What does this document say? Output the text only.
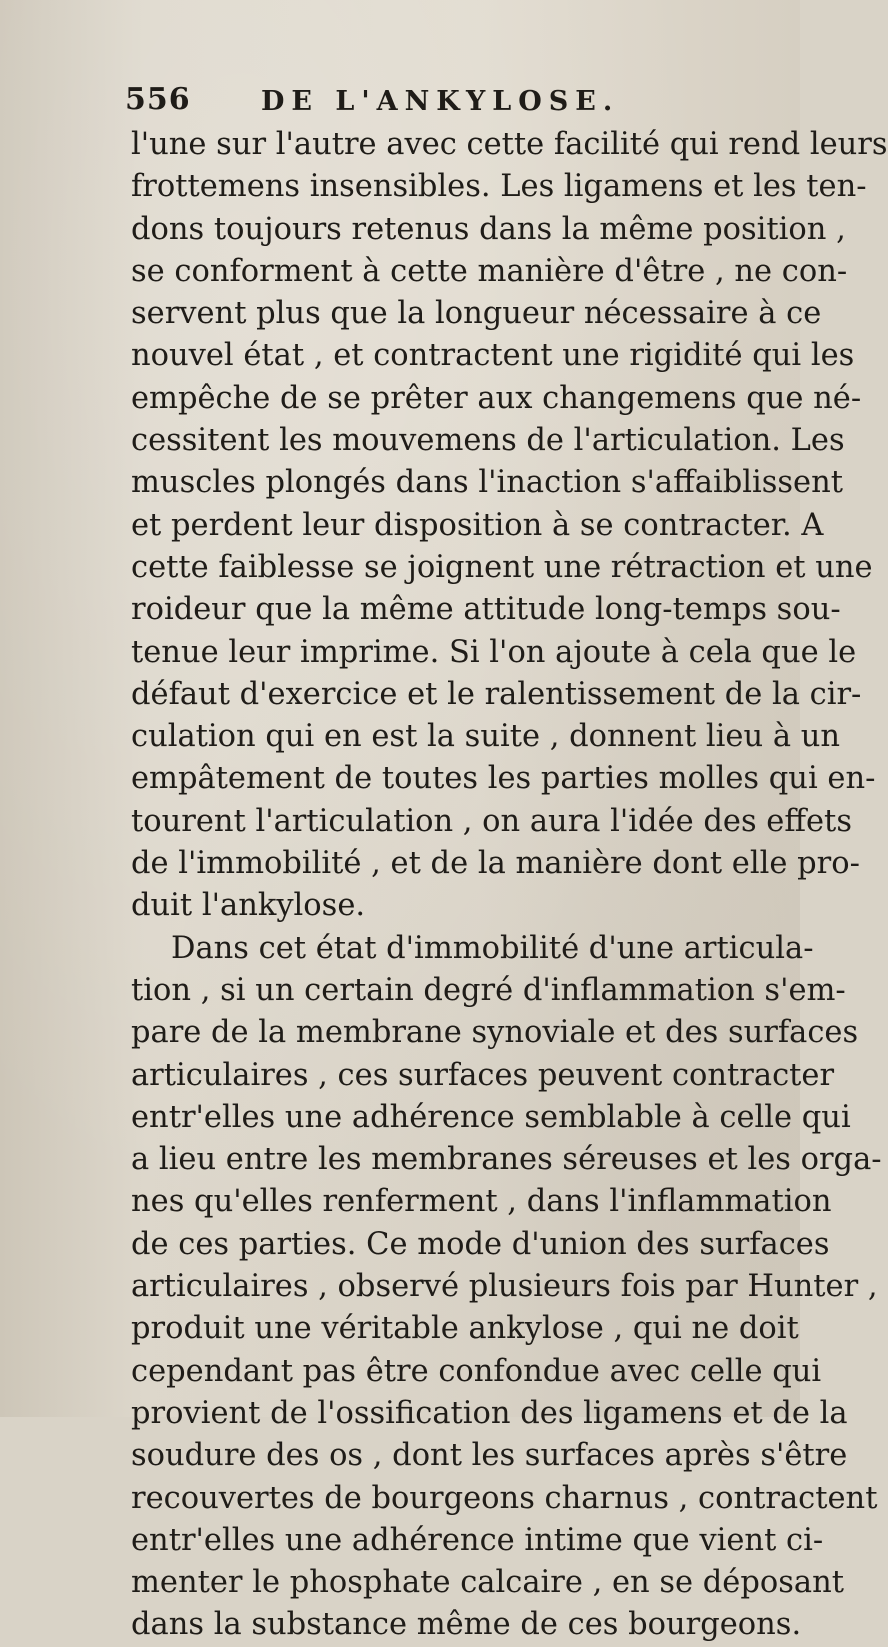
556	DE L'ANKYLOSE.
l'une sur l'autre avec cette facilité qui rend leurs
frottemens insensibles. Les ligamens et les ten-
dons toujours retenus dans la même position ,
se conforment à cette manière d'être , ne con-
servent plus que la longueur nécessaire à ce
nouvel état , et contractent une rigidité qui les
empêche de se prêter aux changemens que né-
cessitent les mouvemens de l'articulation. Les
muscles plongés dans l'inaction s'affaiblissent
et perdent leur disposition à se contracter. A
cette faiblesse se joignent une rétraction et une
roideur que la même attitude long-temps sou-
tenue leur imprime. Si l'on ajoute à cela que le
défaut d'exercice et le ralentissement de la cir-
culation qui en est la suite , donnent lieu à un
empâtement de toutes les parties molles qui en-
tourent l'articulation , on aura l'idée des effets
de l'immobilité , et de la manière dont elle pro-
duit l'ankylose.
Dans cet état d'immobilité d'une articula-
tion , si un certain degré d'inflammation s'em-
pare de la membrane synoviale et des surfaces
articulaires , ces surfaces peuvent contracter
entr'elles une adhérence semblable à celle qui
a lieu entre les membranes séreuses et les orga-
nes qu'elles renferment , dans l'inflammation
de ces parties. Ce mode d'union des surfaces
articulaires , observé plusieurs fois par Hunter ,
produit une véritable ankylose , qui ne doit
cependant pas être confondue avec celle qui
provient de l'ossification des ligamens et de la
soudure des os , dont les surfaces après s'être
recouvertes de bourgeons charnus , contractent
entr'elles une adhérence intime que vient ci-
menter le phosphate calcaire , en se déposant
dans la substance même de ces bourgeons.
